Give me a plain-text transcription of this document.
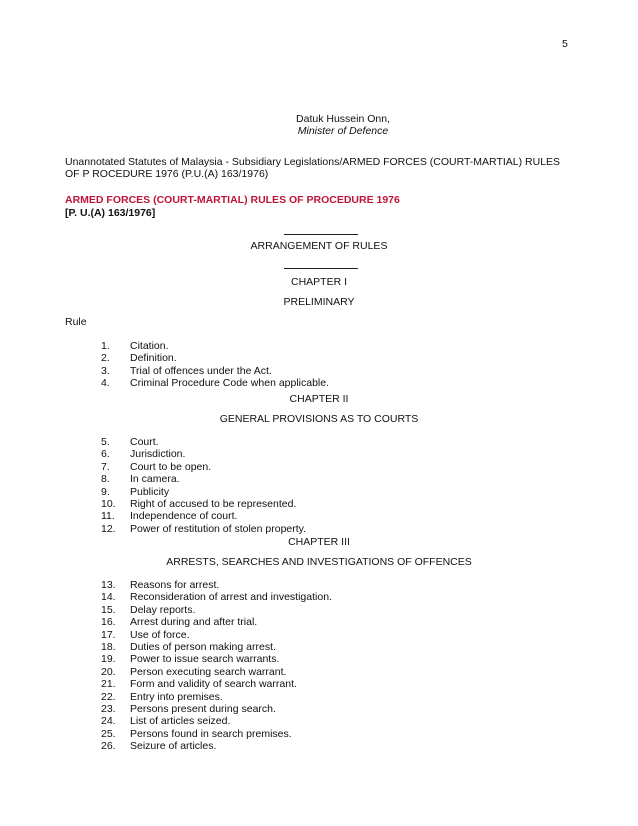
5
Datuk Hussein Onn,
Minister of Defence
Unannotated Statutes of Malaysia - Subsidiary Legislations/ARMED FORCES (COURT-MARTIAL) RULES
OF P ROCEDURE 1976 (P.U.(A) 163/1976)
ARMED FORCES (COURT-MARTIAL) RULES OF PROCEDURE 1976
[P. U.(A) 163/1976]
ARRANGEMENT OF RULES
CHAPTER I
PRELIMINARY
Rule
1. Citation.
2. Definition.
3. Trial of offences under the Act.
4. Criminal Procedure Code when applicable.
CHAPTER II
GENERAL PROVISIONS AS TO COURTS
5. Court.
6. Jurisdiction.
7. Court to be open.
8. In camera.
9. Publicity
10. Right of accused to be represented.
11. Independence of court.
12. Power of restitution of stolen property.
CHAPTER III
ARRESTS, SEARCHES AND INVESTIGATIONS OF OFFENCES
13. Reasons for arrest.
14. Reconsideration of arrest and investigation.
15. Delay reports.
16. Arrest during and after trial.
17. Use of force.
18. Duties of person making arrest.
19. Power to issue search warrants.
20. Person executing search warrant.
21. Form and validity of search warrant.
22. Entry into premises.
23. Persons present during search.
24. List of articles seized.
25. Persons found in search premises.
26. Seizure of articles.
